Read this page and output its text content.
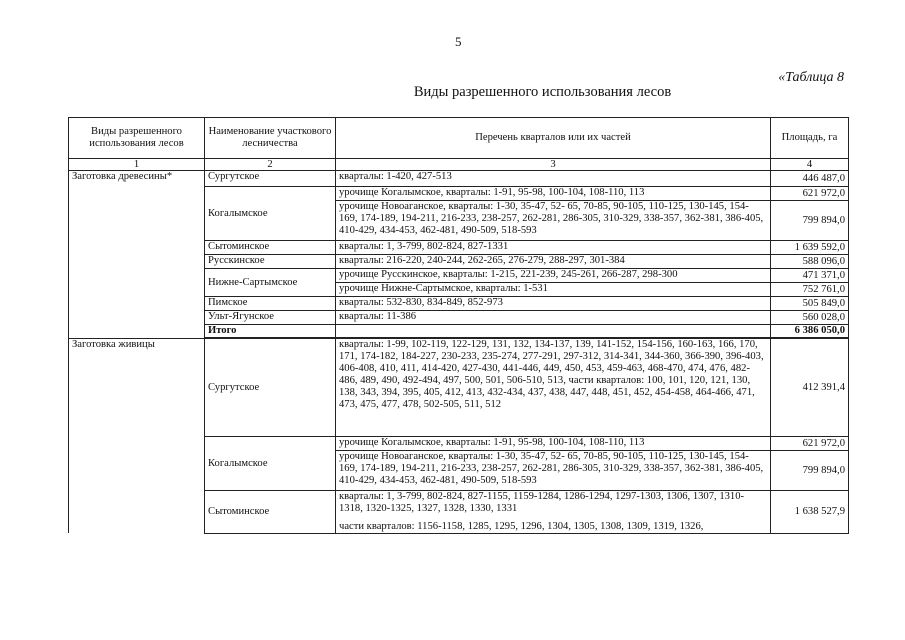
5
«Таблица 8
Виды разрешенного использования лесов
Виды разрешенного использования лесов	Наименование участкового лесничества	Перечень кварталов или их частей	Площадь, га
1	2	3	4
Заготовка древесины*	Сургутское	кварталы: 1-420, 427-513	446 487,0
	Когалымское	урочище Когалымское, кварталы: 1-91, 95-98, 100-104, 108-110, 113	621 972,0
		урочище Новоаганское, кварталы: 1-30, 35-47, 52- 65, 70-85, 90-105, 110-125, 130-145, 154-169, 174-189, 194-211, 216-233, 238-257, 262-281, 286-305, 310-329, 338-357, 362-381, 386-405, 410-429, 434-453, 462-481, 490-509, 518-593	799 894,0
	Сытоминское	кварталы: 1, 3-799, 802-824, 827-1331	1 639 592,0
	Русскинское	кварталы: 216-220, 240-244, 262-265, 276-279, 288-297, 301-384	588 096,0
	Нижне-Сартымское	урочище Русскинское, кварталы: 1-215, 221-239, 245-261, 266-287, 298-300	471 371,0
		урочище Нижне-Сартымское, кварталы: 1-531	752 761,0
	Пимское	кварталы: 532-830, 834-849, 852-973	505 849,0
	Ульт-Ягунское	кварталы: 11-386	560 028,0
	Итого		6 386 050,0

Заготовка живицы	Сургутское	кварталы: 1-99, 102-119, 122-129, 131, 132, 134-137, 139, 141-152, 154-156, 160-163, 166, 170, 171, 174-182, 184-227, 230-233, 235-274, 277-291, 297-312, 314-341, 344-360, 366-390, 396-403, 406-408, 410, 411, 414-420, 427-430, 441-446, 449, 450, 453, 459-463, 468-470, 474, 476, 482-486, 489, 490, 492-494, 497, 500, 501, 506-510, 513, части кварталов: 100, 101, 120, 121, 130, 138, 343, 394, 395, 405, 412, 413, 432-434, 437, 438, 447, 448, 451, 452, 454-458, 464-466, 471, 473, 475, 477, 478, 502-505, 511, 512	412 391,4
	Когалымское	урочище Когалымское, кварталы: 1-91, 95-98, 100-104, 108-110, 113	621 972,0
		урочище Новоаганское, кварталы: 1-30, 35-47, 52- 65, 70-85, 90-105, 110-125, 130-145, 154-169, 174-189, 194-211, 216-233, 238-257, 262-281, 286-305, 310-329, 338-357, 362-381, 386-405, 410-429, 434-453, 462-481, 490-509, 518-593	799 894,0
	Сытоминское	кварталы: 1, 3-799, 802-824, 827-1155, 1159-1284, 1286-1294, 1297-1303, 1306, 1307, 1310-1318, 1320-1325, 1327, 1328, 1330, 1331	1 638 527,9
		части кварталов: 1156-1158, 1285, 1295, 1296, 1304, 1305, 1308, 1309, 1319, 1326,	
